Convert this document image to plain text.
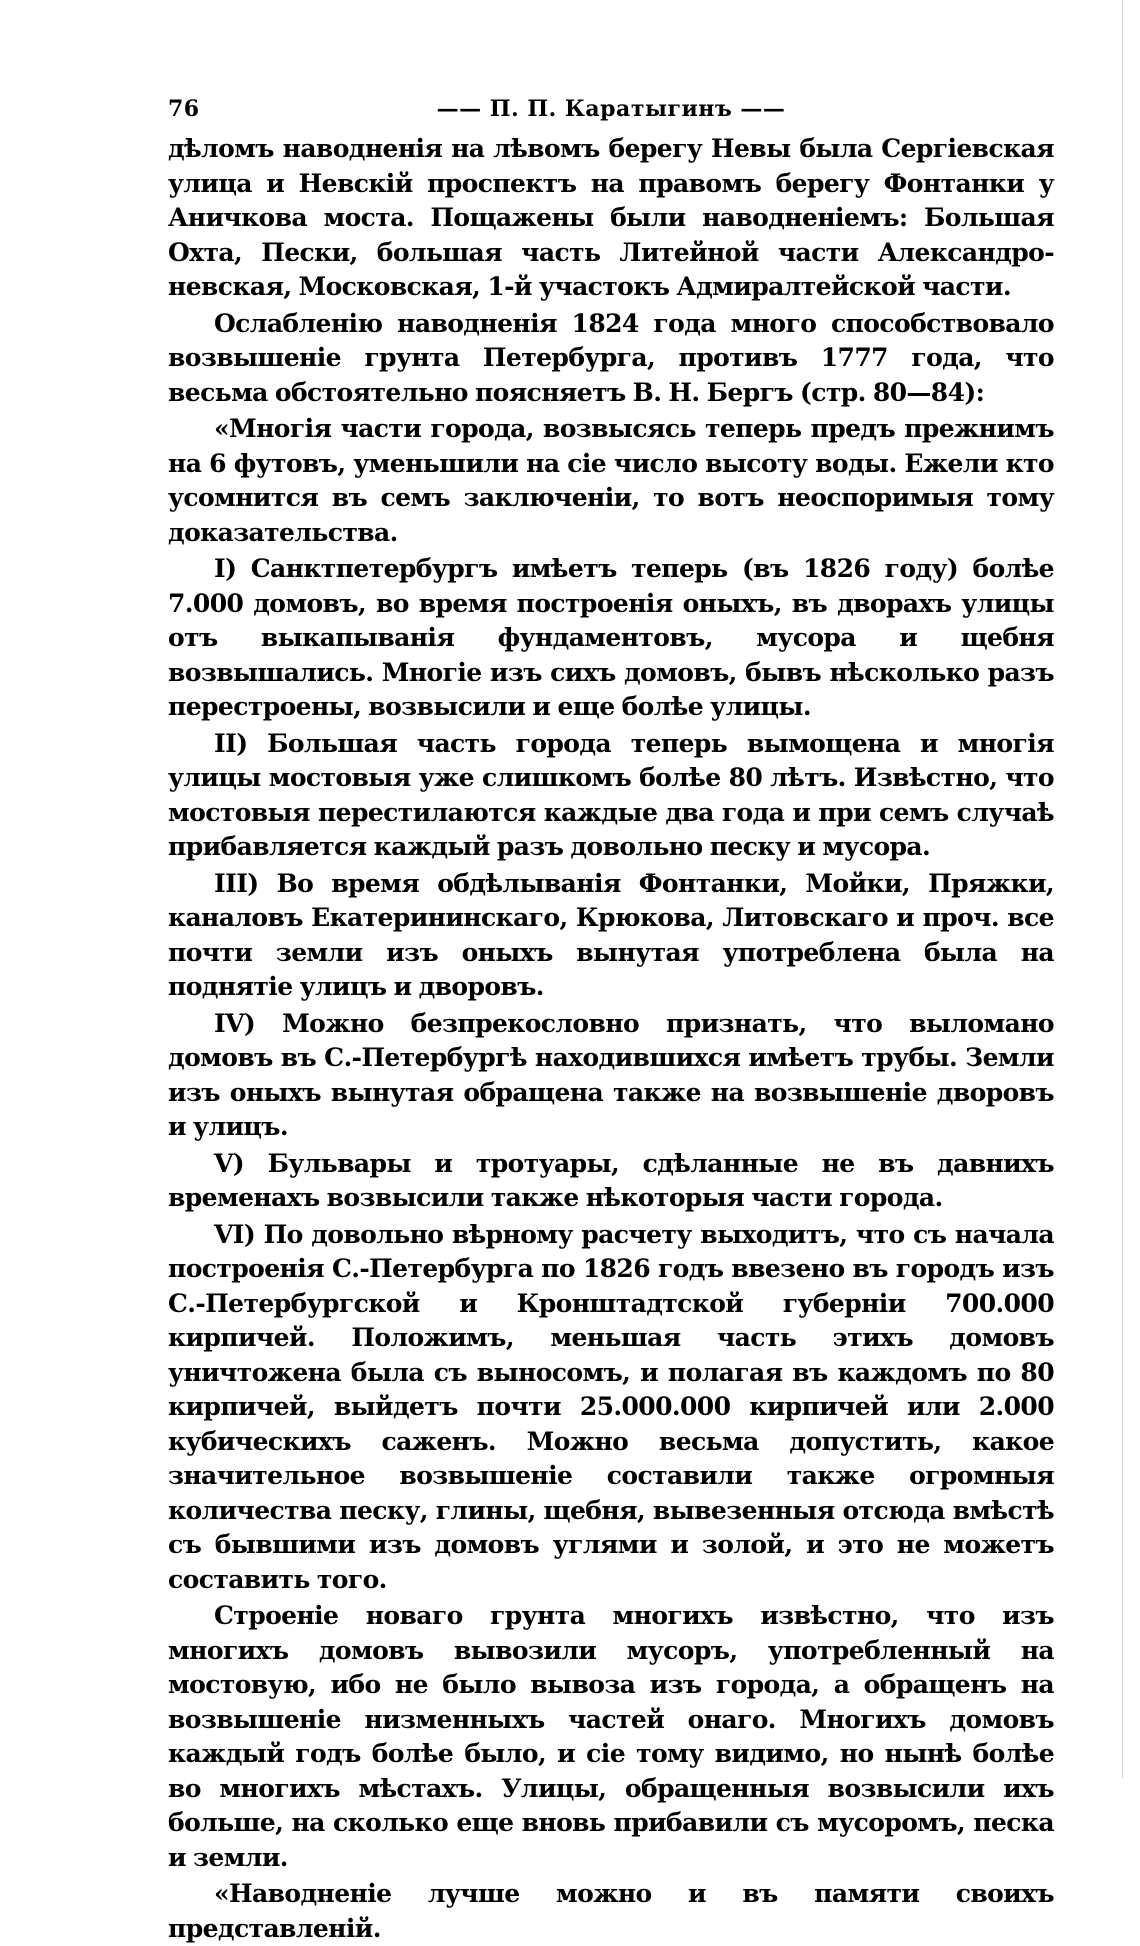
76	—— П. П. Каратыгинъ ——

дѣломъ наводненія на лѣвомъ берегу Невы была Сергіевская улица и Невскій проспектъ на правомъ берегу Фонтанки у Аничкова моста. Пощажены были наводненіемъ: Большая Охта, Пески, большая часть Литейной части Александро-невская, Московская, 1-й участокъ Адмиралтейской части.

Ослабленію наводненія 1824 года много способствовало возвышеніе грунта Петербурга, противъ 1777 года, что весьма обстоятельно поясняетъ В. Н. Бергъ (стр. 80—84):

«Многія части города, возвысясь теперь предъ прежнимъ на 6 футовъ, уменьшили на сіе число высоту воды. Ежели кто усомнится въ семъ заключеніи, то вотъ неоспоримыя тому доказательства.

I) Санктпетербургъ имѣетъ теперь (въ 1826 году) болѣе 7.000 домовъ, во время построенія оныхъ, въ дворахъ улицы отъ выкапыванія фундаментовъ, мусора и щебня возвышались. Многіе изъ сихъ домовъ, бывъ нѣсколько разъ перестроены, возвысили и еще болѣе улицы.

II) Большая часть города теперь вымощена и многія улицы мостовыя уже слишкомъ болѣе 80 лѣтъ. Извѣстно, что мостовыя перестилаются каждые два года и при семъ случаѣ прибавляется каждый разъ довольно песку и мусора.

III) Во время обдѣлыванія Фонтанки, Мойки, Пряжки, каналовъ Екатерининскаго, Крюкова, Литовскаго и проч. все почти земли изъ оныхъ вынутая употреблена была на поднятіе улицъ и дворовъ.

IV) Можно безпрекословно признать, что выломано домовъ въ С.-Петербургѣ находившихся имѣетъ трубы. Земли изъ оныхъ вынутая обращена также на возвышеніе дворовъ и улицъ.

V) Бульвары и тротуары, сдѣланные не въ давнихъ временахъ возвысили также нѣкоторыя части города.

VI) По довольно вѣрному расчету выходитъ, что съ начала построенія С.-Петербурга по 1826 годъ ввезено въ городъ изъ С.-Петербургской и Кронштадтской губерніи 700.000 кирпичей. Положимъ, меньшая часть этихъ домовъ уничтожена была съ выносомъ, и полагая въ каждомъ по 80 кирпичей, выйдетъ почти 25.000.000 кирпичей или 2.000 кубическихъ саженъ. Можно весьма допустить, какое значительное возвышеніе составили также огромныя количества песку, глины, щебня, вывезенныя отсюда вмѣстѣ съ бывшими изъ домовъ углями и золой, и это не можетъ составить того.

Строеніе новаго грунта многихъ извѣстно, что изъ многихъ домовъ вывозили мусоръ, употребленный на мостовую, ибо не было вывоза изъ города, а обращенъ на возвышеніе низменныхъ частей онаго. Многихъ домовъ каждый годъ болѣе было, и сіе тому видимо, но нынѣ болѣе во многихъ мѣстахъ. Улицы, обращенныя возвысили ихъ больше, на сколько еще вновь прибавили съ мусоромъ, песка и земли.

«Наводненіе лучше можно и въ памяти своихъ представленій.
